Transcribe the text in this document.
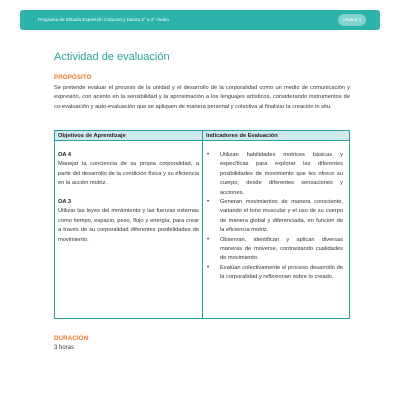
Programa de Estudio Expresión Corporal y Danza 3° a 4° medio	Unidad 3
Actividad de evaluación
PROPÓSITO

Se pretende evaluar el proceso de la unidad y el desarrollo de la corporalidad como un medio de comunicación y expresión, con acento en la sensibilidad y la aproximación a los lenguajes artísticos, considerando instrumentos de co-evaluación y auto-evaluación que se apliquen de manera personal y colectiva al finalizar la creación in situ.

Objetivos de Aprendizaje	Indicadores de Evaluación
OA 4
Manejar la conciencia de su propia corporalidad, a partir del desarrollo de la condición física y su eficiencia en la acción motriz.
OA 3
Utilizar las leyes del movimiento y las fuerzas externas como tiempo, espacio, peso, flujo y energía, para crear a través de su corporalidad diferentes posibilidades de movimiento.
•	Utilizan habilidades motrices básicas y específicas para explorar las diferentes posibilidades de movimiento que les ofrece su cuerpo, desde diferentes sensaciones y acciones.
•	Generan movimientos de manera consciente, variando el tono muscular y el uso de su cuerpo de manera global y diferenciada, en función de la eficiencia motriz.
•	Observan, identifican y aplican diversas maneras de moverse, contrastando cualidades de movimiento.
•	Evalúan colectivamente el proceso desarrollo de la corporalidad y reflexionan sobre lo creado.
DURACIÓN
3 horas
